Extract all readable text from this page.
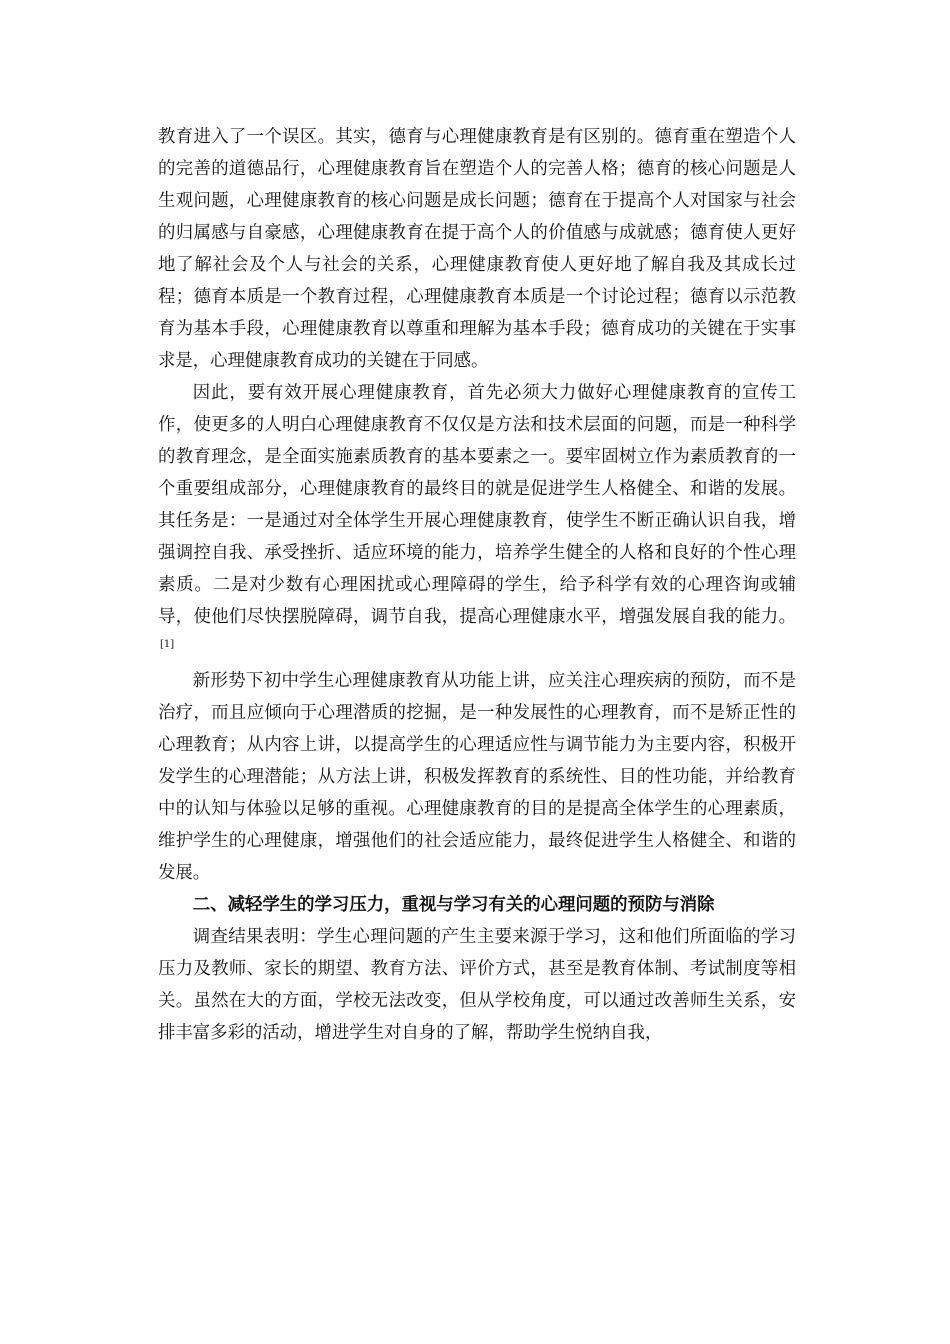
教育进入了一个误区。其实，德育与心理健康教育是有区别的。德育重在塑造个人的完善的道德品行，心理健康教育旨在塑造个人的完善人格；德育的核心问题是人生观问题，心理健康教育的核心问题是成长问题；德育在于提高个人对国家与社会的归属感与自豪感，心理健康教育在提于高个人的价值感与成就感；德育使人更好地了解社会及个人与社会的关系，心理健康教育使人更好地了解自我及其成长过程；德育本质是一个教育过程，心理健康教育本质是一个讨论过程；德育以示范教育为基本手段，心理健康教育以尊重和理解为基本手段；德育成功的关键在于实事求是，心理健康教育成功的关键在于同感。

因此，要有效开展心理健康教育，首先必须大力做好心理健康教育的宣传工作，使更多的人明白心理健康教育不仅仅是方法和技术层面的问题，而是一种科学的教育理念，是全面实施素质教育的基本要素之一。要牢固树立作为素质教育的一个重要组成部分，心理健康教育的最终目的就是促进学生人格健全、和谐的发展。其任务是：一是通过对全体学生开展心理健康教育，使学生不断正确认识自我，增强调控自我、承受挫折、适应环境的能力，培养学生健全的人格和良好的个性心理素质。二是对少数有心理困扰或心理障碍的学生，给予科学有效的心理咨询或辅导，使他们尽快摆脱障碍，调节自我，提高心理健康水平，增强发展自我的能力。[1]

新形势下初中学生心理健康教育从功能上讲，应关注心理疾病的预防，而不是治疗，而且应倾向于心理潜质的挖掘，是一种发展性的心理教育，而不是矫正性的心理教育；从内容上讲，以提高学生的心理适应性与调节能力为主要内容，积极开发学生的心理潜能；从方法上讲，积极发挥教育的系统性、目的性功能，并给教育中的认知与体验以足够的重视。心理健康教育的目的是提高全体学生的心理素质，维护学生的心理健康，增强他们的社会适应能力，最终促进学生人格健全、和谐的发展。

二、减轻学生的学习压力，重视与学习有关的心理问题的预防与消除

调查结果表明：学生心理问题的产生主要来源于学习，这和他们所面临的学习压力及教师、家长的期望、教育方法、评价方式，甚至是教育体制、考试制度等相关。虽然在大的方面，学校无法改变，但从学校角度，可以通过改善师生关系，安排丰富多彩的活动，增进学生对自身的了解，帮助学生悦纳自我，
